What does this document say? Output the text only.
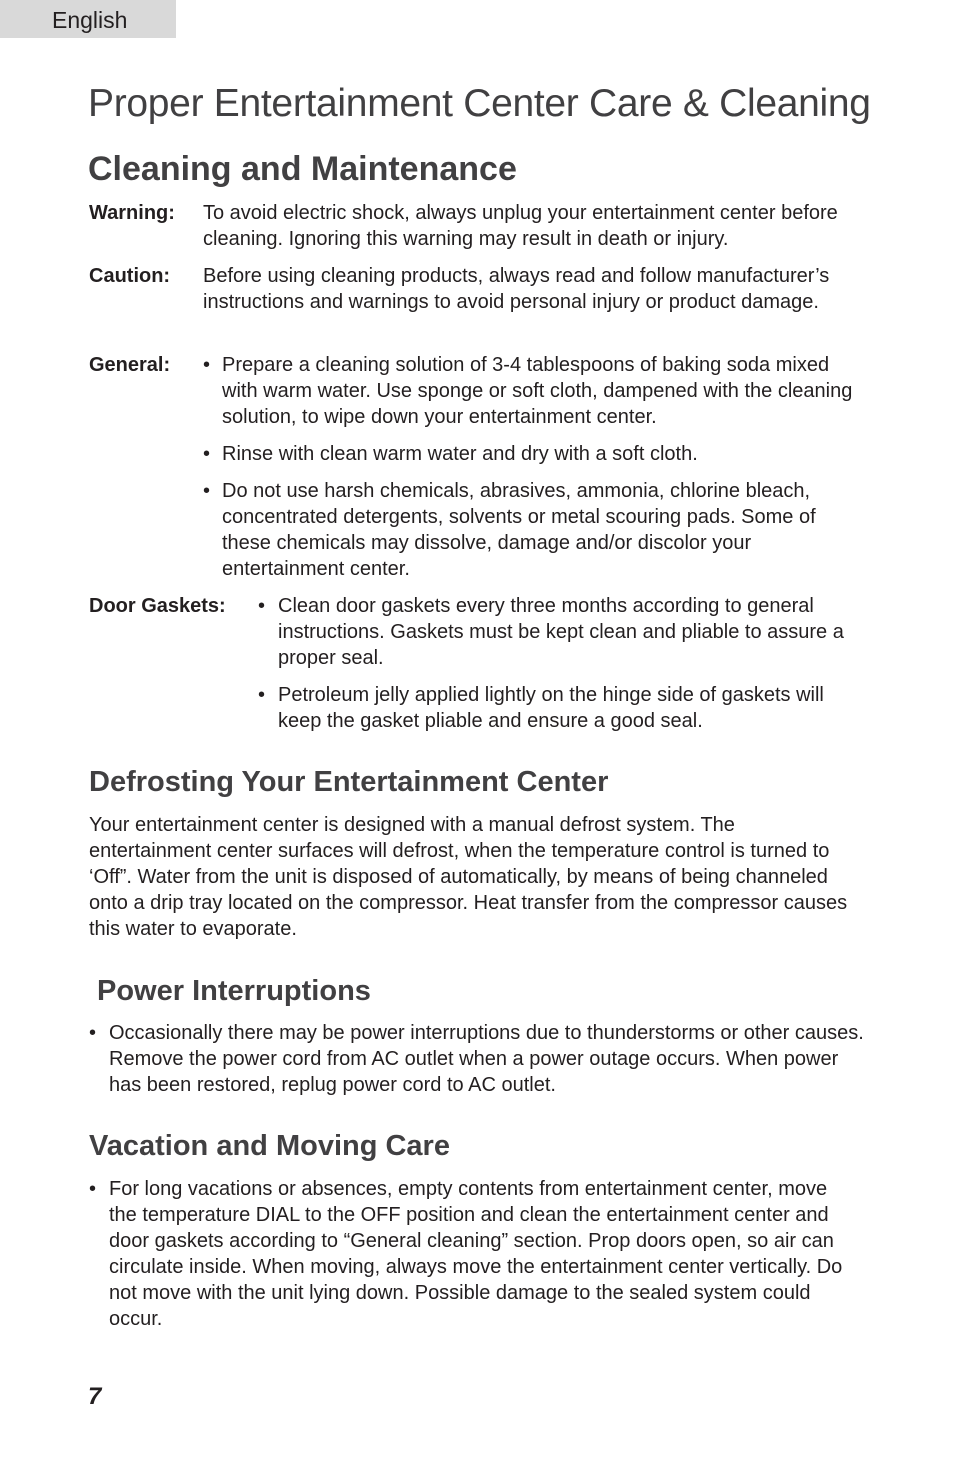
English
Proper Entertainment Center Care & Cleaning
Cleaning and Maintenance
Warning: To avoid electric shock, always unplug your entertainment center before cleaning. Ignoring this warning may result in death or injury.
Caution: Before using cleaning products, always read and follow manufacturer’s instructions and warnings to avoid personal injury or product damage.
General: • Prepare a cleaning solution of 3-4 tablespoons of baking soda mixed with warm water. Use sponge or soft cloth, dampened with the cleaning solution, to wipe down your entertainment center.
• Rinse with clean warm water and dry with a soft cloth.
• Do not use harsh chemicals, abrasives, ammonia, chlorine bleach, concentrated detergents, solvents or metal scouring pads. Some of these chemicals may dissolve, damage and/or discolor your entertainment center.
Door Gaskets: • Clean door gaskets every three months according to general instructions. Gaskets must be kept clean and pliable to assure a proper seal.
• Petroleum jelly applied lightly on the hinge side of gaskets will keep the gasket pliable and ensure a good seal.
Defrosting Your Entertainment Center

Your entertainment center is designed with a manual defrost system. The entertainment center surfaces will defrost, when the temperature control is turned to ‘Off”. Water from the unit is disposed of automatically, by means of being channeled onto a drip tray located on the compressor. Heat transfer from the compressor causes this water to evaporate.

Power Interruptions
• Occasionally there may be power interruptions due to thunderstorms or other causes. Remove the power cord from AC outlet when a power outage occurs. When power has been restored, replug power cord to AC outlet.
Vacation and Moving Care
• For long vacations or absences, empty contents from entertainment center, move the temperature DIAL to the OFF position and clean the entertainment center and door gaskets according to “General cleaning” section. Prop doors open, so air can circulate inside. When moving, always move the entertainment center vertically. Do not move with the unit lying down. Possible damage to the sealed system could occur.
7
